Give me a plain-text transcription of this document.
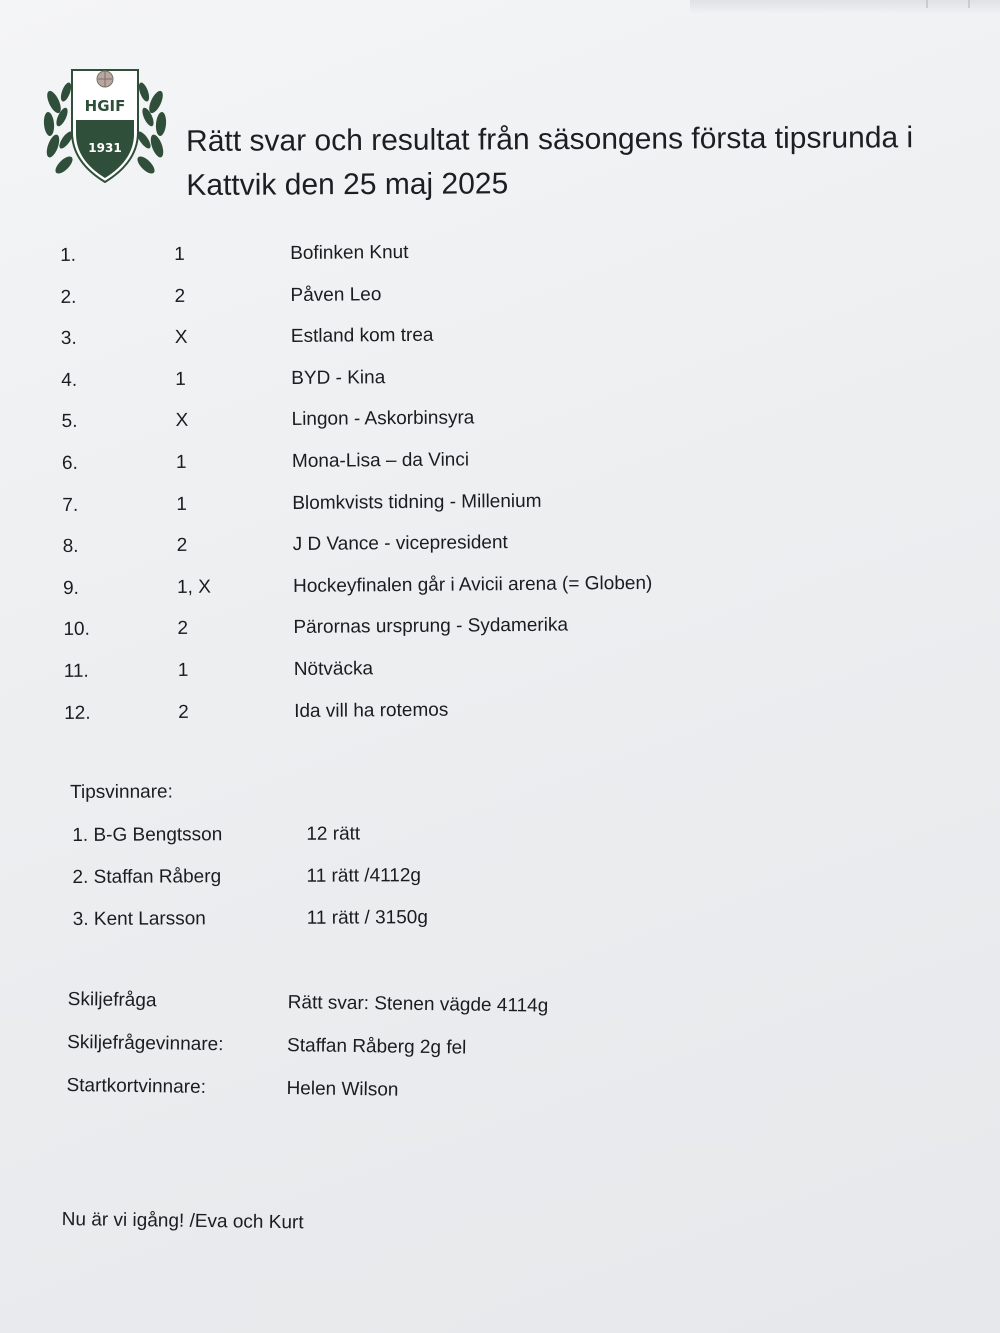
HGIF
1931 Rätt svar och resultat från säsongens första tipsrunda i Kattvik den 25 maj 2025
1.	1	Bofinken Knut
2.	2	Påven Leo
3.	X	Estland kom trea
4.	1	BYD - Kina
5.	X	Lingon - Askorbinsyra
6.	1	Mona-Lisa – da Vinci
7.	1	Blomkvists tidning - Millenium
8.	2	J D Vance - vicepresident
9.	1, X	Hockeyfinalen går i Avicii arena (= Globen)
10.	2	Pärornas ursprung - Sydamerika
11.	1	Nötväcka
12.	2	Ida vill ha rotemos
Tipsvinnare:
1. B-G Bengtsson	12 rätt
2. Staffan Råberg	11 rätt /4112g
3. Kent Larsson	11 rätt / 3150g
Skiljefråga	Rätt svar: Stenen vägde 4114g
Skiljefrågevinnare:	Staffan Råberg 2g fel
Startkortvinnare:	Helen Wilson
Nu är vi igång! /Eva och Kurt
